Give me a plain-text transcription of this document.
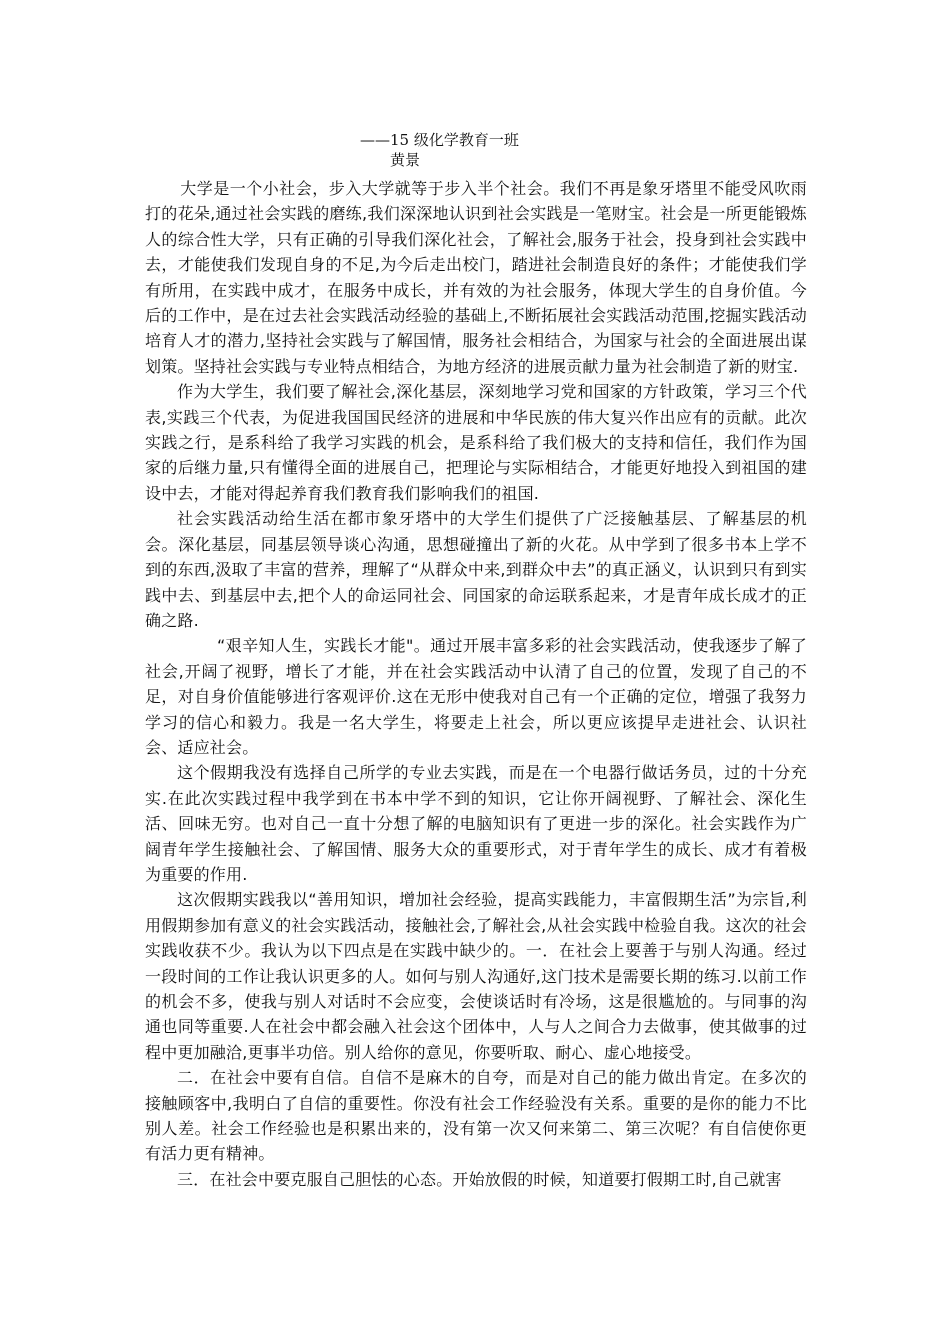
——15 级化学教育一班
黄景

大学是一个小社会，步入大学就等于步入半个社会。我们不再是象牙塔里不能受风吹雨打的花朵,通过社会实践的磨练,我们深深地认识到社会实践是一笔财宝。社会是一所更能锻炼人的综合性大学，只有正确的引导我们深化社会，了解社会,服务于社会，投身到社会实践中去，才能使我们发现自身的不足,为今后走出校门，踏进社会制造良好的条件；才能使我们学有所用，在实践中成才，在服务中成长，并有效的为社会服务，体现大学生的自身价值。今后的工作中，是在过去社会实践活动经验的基础上,不断拓展社会实践活动范围,挖掘实践活动培育人才的潜力,坚持社会实践与了解国情，服务社会相结合，为国家与社会的全面进展出谋划策。坚持社会实践与专业特点相结合，为地方经济的进展贡献力量为社会制造了新的财宝.

作为大学生，我们要了解社会,深化基层，深刻地学习党和国家的方针政策，学习三个代表,实践三个代表，为促进我国国民经济的进展和中华民族的伟大复兴作出应有的贡献。此次实践之行，是系科给了我学习实践的机会，是系科给了我们极大的支持和信任，我们作为国家的后继力量,只有懂得全面的进展自己，把理论与实际相结合，才能更好地投入到祖国的建设中去，才能对得起养育我们教育我们影响我们的祖国.

社会实践活动给生活在都市象牙塔中的大学生们提供了广泛接触基层、了解基层的机会。深化基层，同基层领导谈心沟通，思想碰撞出了新的火花。从中学到了很多书本上学不到的东西,汲取了丰富的营养，理解了“从群众中来,到群众中去”的真正涵义，认识到只有到实践中去、到基层中去,把个人的命运同社会、同国家的命运联系起来，才是青年成长成才的正确之路.

“艰辛知人生，实践长才能"。通过开展丰富多彩的社会实践活动，使我逐步了解了社会,开阔了视野，增长了才能，并在社会实践活动中认清了自己的位置，发现了自己的不足，对自身价值能够进行客观评价.这在无形中使我对自己有一个正确的定位，增强了我努力学习的信心和毅力。我是一名大学生，将要走上社会，所以更应该提早走进社会、认识社会、适应社会。

这个假期我没有选择自己所学的专业去实践，而是在一个电器行做话务员，过的十分充实.在此次实践过程中我学到在书本中学不到的知识，它让你开阔视野、了解社会、深化生活、回味无穷。也对自己一直十分想了解的电脑知识有了更进一步的深化。社会实践作为广阔青年学生接触社会、了解国情、服务大众的重要形式，对于青年学生的成长、成才有着极为重要的作用.

这次假期实践我以“善用知识，增加社会经验，提高实践能力，丰富假期生活”为宗旨,利用假期参加有意义的社会实践活动，接触社会,了解社会,从社会实践中检验自我。这次的社会实践收获不少。我认为以下四点是在实践中缺少的。一．在社会上要善于与别人沟通。经过一段时间的工作让我认识更多的人。如何与别人沟通好,这门技术是需要长期的练习.以前工作的机会不多，使我与别人对话时不会应变，会使谈话时有冷场，这是很尴尬的。与同事的沟通也同等重要.人在社会中都会融入社会这个团体中，人与人之间合力去做事，使其做事的过程中更加融洽,更事半功倍。别人给你的意见，你要听取、耐心、虚心地接受。

二．在社会中要有自信。自信不是麻木的自夸，而是对自己的能力做出肯定。在多次的接触顾客中,我明白了自信的重要性。你没有社会工作经验没有关系。重要的是你的能力不比别人差。社会工作经验也是积累出来的，没有第一次又何来第二、第三次呢？有自信使你更有活力更有精神。

三．在社会中要克服自己胆怯的心态。开始放假的时候，知道要打假期工时,自己就害
